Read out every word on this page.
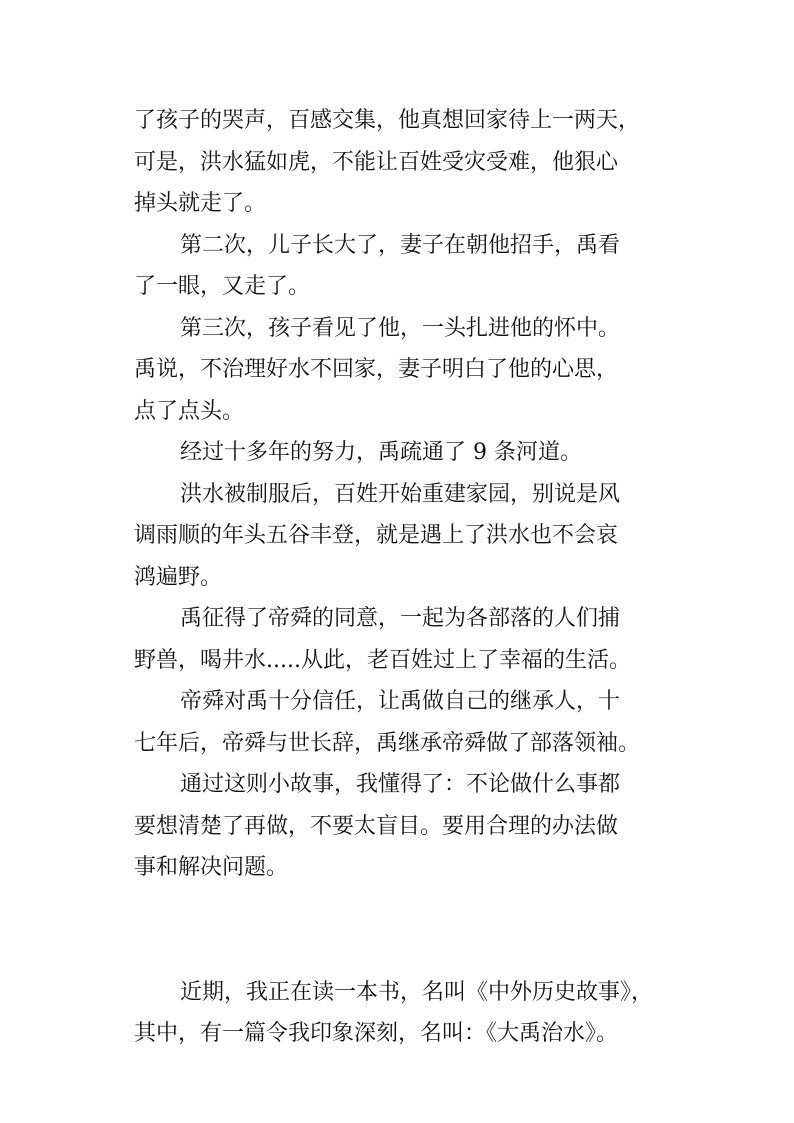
了孩子的哭声，百感交集，他真想回家待上一两天，
可是，洪水猛如虎，不能让百姓受灾受难，他狠心
掉头就走了。
第二次，儿子长大了，妻子在朝他招手，禹看
了一眼，又走了。
第三次，孩子看见了他，一头扎进他的怀中。
禹说，不治理好水不回家，妻子明白了他的心思，
点了点头。
经过十多年的努力，禹疏通了 9 条河道。
洪水被制服后，百姓开始重建家园，别说是风
调雨顺的年头五谷丰登，就是遇上了洪水也不会哀
鸿遍野。
禹征得了帝舜的同意，一起为各部落的人们捕
野兽，喝井水.....从此，老百姓过上了幸福的生活。
帝舜对禹十分信任，让禹做自己的继承人，十
七年后，帝舜与世长辞，禹继承帝舜做了部落领袖。
通过这则小故事，我懂得了：不论做什么事都
要想清楚了再做，不要太盲目。要用合理的办法做
事和解决问题。
近期，我正在读一本书，名叫《中外历史故事》，
其中，有一篇令我印象深刻，名叫：《大禹治水》。
